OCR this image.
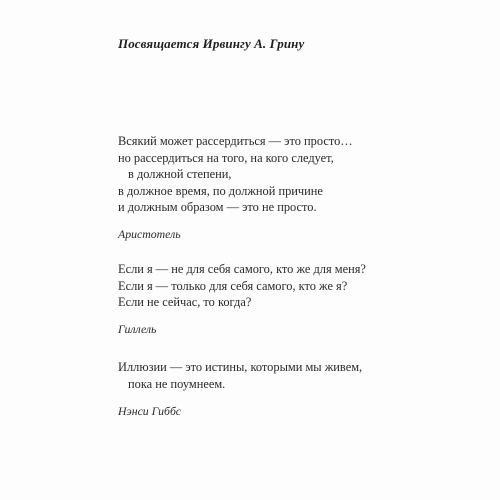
Посвящается Ирвингу А. Грину
Всякий может рассердиться — это просто…
но рассердиться на того, на кого следует,
в должной степени,
в должное время, по должной причине
и должным образом — это не просто.
Аристотель
Если я — не для себя самого, кто же для меня?
Если я — только для себя самого, кто же я?
Если не сейчас, то когда?
Гиллель
Иллюзии — это истины, которыми мы живем,
пока не поумнеем.
Нэнси Гиббс
